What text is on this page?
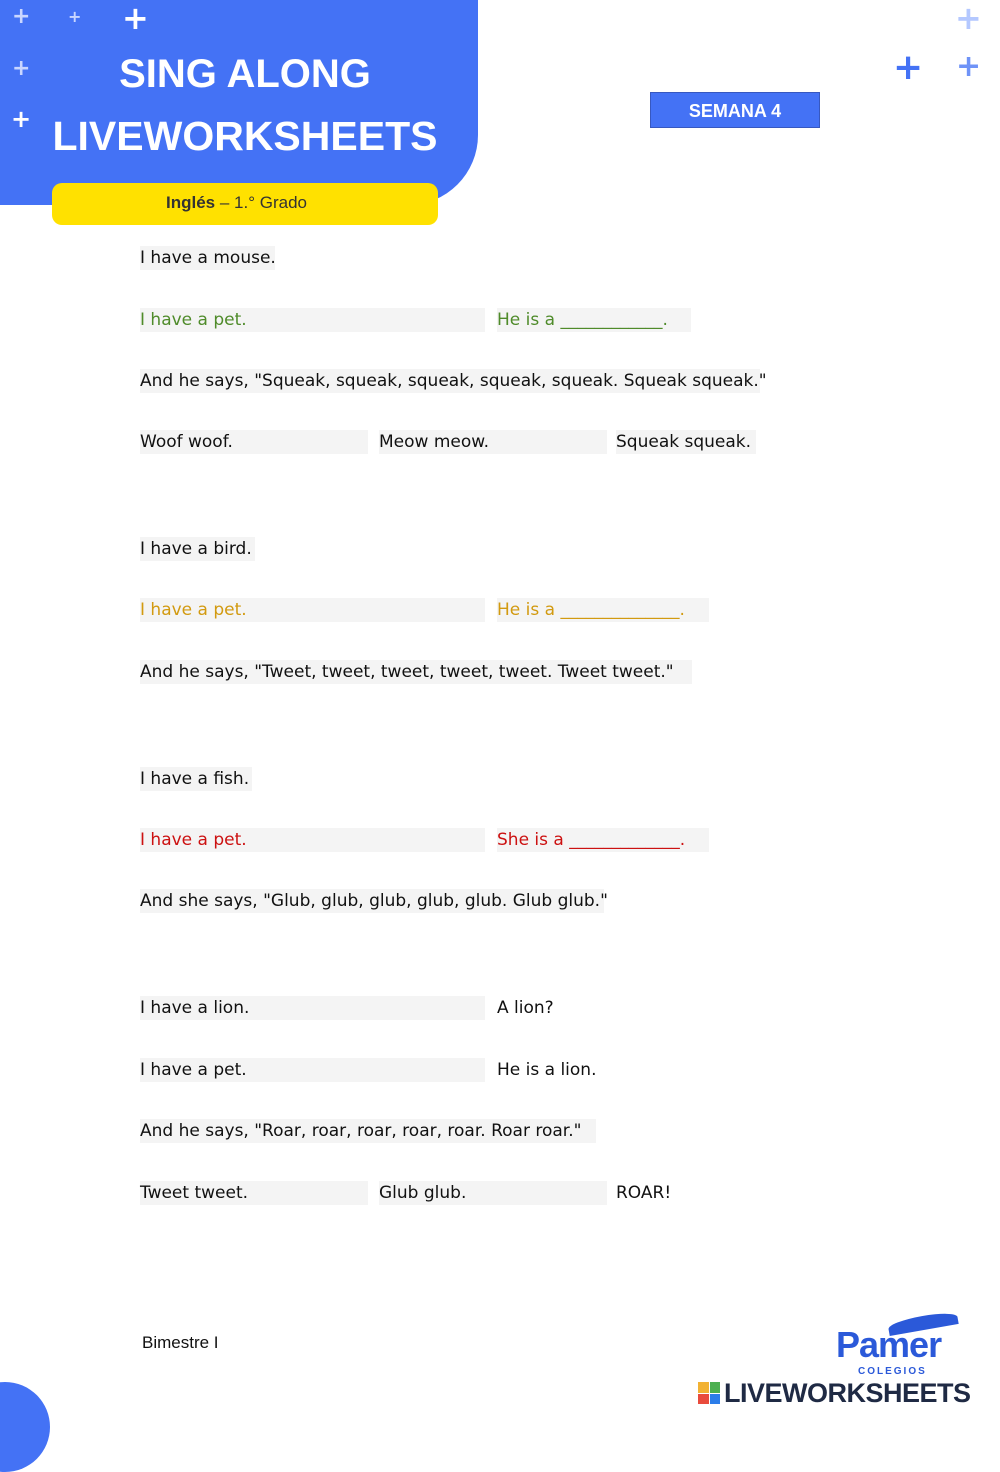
SING ALONG
LIVEWORKSHEETS
+ + +
+
+
+
+ +
Inglés – 1.° Grado
SEMANA 4
I have a mouse.
I have a pet.	He is a ____________.
And he says, "Squeak, squeak, squeak, squeak, squeak. Squeak squeak."
Woof woof.	Meow meow.	Squeak squeak.
I have a bird.
I have a pet.	He is a ______________.
And he says, "Tweet, tweet, tweet, tweet, tweet. Tweet tweet."
I have a fish.
I have a pet.	She is a _____________.
And she says, "Glub, glub, glub, glub, glub. Glub glub."
I have a lion.	A lion?
I have a pet.	He is a lion.
And he says, "Roar, roar, roar, roar, roar. Roar roar."
Tweet tweet.	Glub glub.	ROAR!
Bimestre I	Pamer
COLEGIOS
LIVEWORKSHEETS
